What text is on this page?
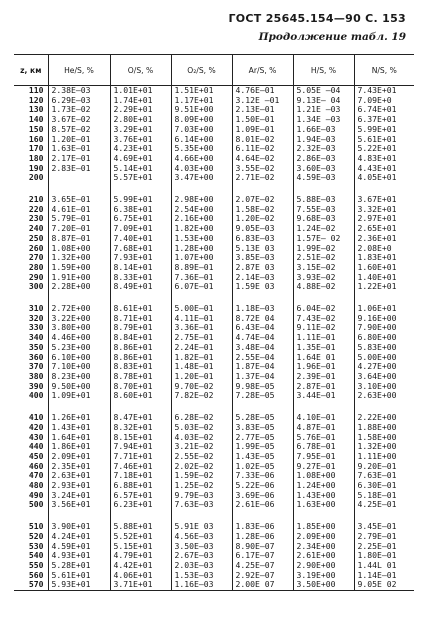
ГОСТ 25645.154—90 С. 153
Продолжение табл. 19
z, км	He/S, %	O/S, %	O₂/S, %	Ar/S, %	H/S, %	N/S, %
110	2.38E—03	1.01E+01	1.51E+01	4.76E—01	5.05E —04	7.43E+01
120	6.29E—03	1.74E+01	1.17E+01	3.12E —01	9.13E— 04	7.09E+0
130	1.73E—02	2.29E+01	9.51E+00	2.13E—01	1.21E —03	6.74E+01
140	3.67E—02	2.80E+01	8.09E+00	1.50E—01	1.34E —03	6.37E+01
150	8.57E—02	3.29E+01	7.03E+00	1.09E—01	1.66E—03	5.99E+01
160	1.20E—01	3.76E+01	6.14E+00	8.01E—02	1.94E—03	5.61E+01
170	1.63E—01	4.23E+01	5.35E+00	6.11E—02	2.32E—03	5.22E+01
180	2.17E—01	4.69E+01	4.66E+00	4.64E—02	2.86E—03	4.83E+01
190	2.83E—01	5.14E+01	4.03E+00	3.55E—02	3.60E—03	4.43E+01
200		5.57E+01	3.47E+00	2.71E—02	4.59E—03	4.05E+01

210	3.65E—01	5.99E+01	2.98E+00	2.07E—02	5.88E—03	3.67E+01
220	4.61E—01	6.38E+01	2.54E+00	1.58E—02	7.55E—03	3.32E+01
230	5.79E—01	6.75E+01	2.16E+00	1.20E—02	9.68E—03	2.97E+01
240	7.20E—01	7.09E+01	1.82E+00	9.05E—03	1.24E—02	2.65E+01
250	8.87E—01	7.40E+01	1.53E+00	6.83E—03	1.57E— 02	2.36E+01
260	1.08E+00	7.68E+01	1.28E+00	5.13E 03	1.99E—02	2.08E+0
270	1.32E+00	7.93E+01	1.07E+00	3.85E—03	2.51E—02	1.83E+01
280	1.59E+00	8.14E+01	8.89E—01	2.87E 03	3.15E—02	1.60E+01
290	1.91E+00	8.33E+01	7.36E—01	2.14E—03	3.93E—02	1.40E+01
300	2.28E+00	8.49E+01	6.07E—01	1.59E 03	4.88E—02	1.22E+01

310	2.72E+00	8.61E+01	5.00E—01	1.18E—03	6.04E—02	1.06E+01
320	3.22E+00	8.71E+01	4.11E—01	8.72E 04	7.43E—02	9.16E+00
330	3.80E+00	8.79E+01	3.36E—01	6.43E—04	9.11E—02	7.90E+00
340	4.46E+00	8.84E+01	2.75E—01	4.74E—04	1.11E—01	6.80E+00
350	5.23E+00	8.86E+01	2.24E—01	3.48E—04	1.35E—01	5.83E+00
360	6.10E+00	8.86E+01	1.82E—01	2.55E—04	1.64E 01	5.00E+00
370	7.10E+00	8.83E+01	1.48E—01	1.87E—04	1.96E—01	4.27E+00
380	8.23E+00	8.78E+01	1.20E—01	1.37E—04	2.39E—01	3.64E+00
390	9.50E+00	8.70E+01	9.70E—02	9.98E—05	2.87E—01	3.10E+00
400	1.09E+01	8.60E+01	7.82E—02	7.28E—05	3.44E—01	2.63E+00

410	1.26E+01	8.47E+01	6.28E—02	5.28E—05	4.10E—01	2.22E+00
420	1.43E+01	8.32E+01	5.03E—02	3.83E—05	4.87E—01	1.88E+00
430	1.64E+01	8.15E+01	4.03E—02	2.77E—05	5.76E—01	1.58E+00
440	1.86E+01	7.94E+01	3.21E—02	1.99E—05	6.78E—01	1.32E+00
450	2.09E+01	7.71E+01	2.55E—02	1.43E—05	7.95E—01	1.11E+00
460	2.35E+01	7.46E+01	2.02E—02	1.02E—05	9.27E—01	9.20E—01
470	2.63E+01	7.18E+01	1.59E—02	7.33E—06	1.08E+00	7.63E—01
480	2.93E+01	6.88E+01	1.25E—02	5.22E—06	1.24E+00	6.30E—01
490	3.24E+01	6.57E+01	9.79E—03	3.69E—06	1.43E+00	5.18E—01
500	3.56E+01	6.23E+01	7.63E—03	2.61E—06	1.63E+00	4.25E—01

510	3.90E+01	5.88E+01	5.91E 03	1.83E—06	1.85E+00	3.45E—01
520	4.24E+01	5.52E+01	4.56E—03	1.28E—06	2.09E+00	2.79E—01
530	4.59E+01	5.15E+01	3.50E—03	8.90E—07	2.34E+00	2.25E—01
540	4.93E+01	4.79E+01	2.67E—03	6.17E—07	2.61E+00	1.80E—01
550	5.28E+01	4.42E+01	2.03E—03	4.25E—07	2.90E+00	1.44L 01
560	5.61E+01	4.06E+01	1.53E—03	2.92E—07	3.19E+00	1.14E—01
570	5.93E+01	3.71E+01	1.16E—03	2.00E 07	3.50E+00	9.05E 02
